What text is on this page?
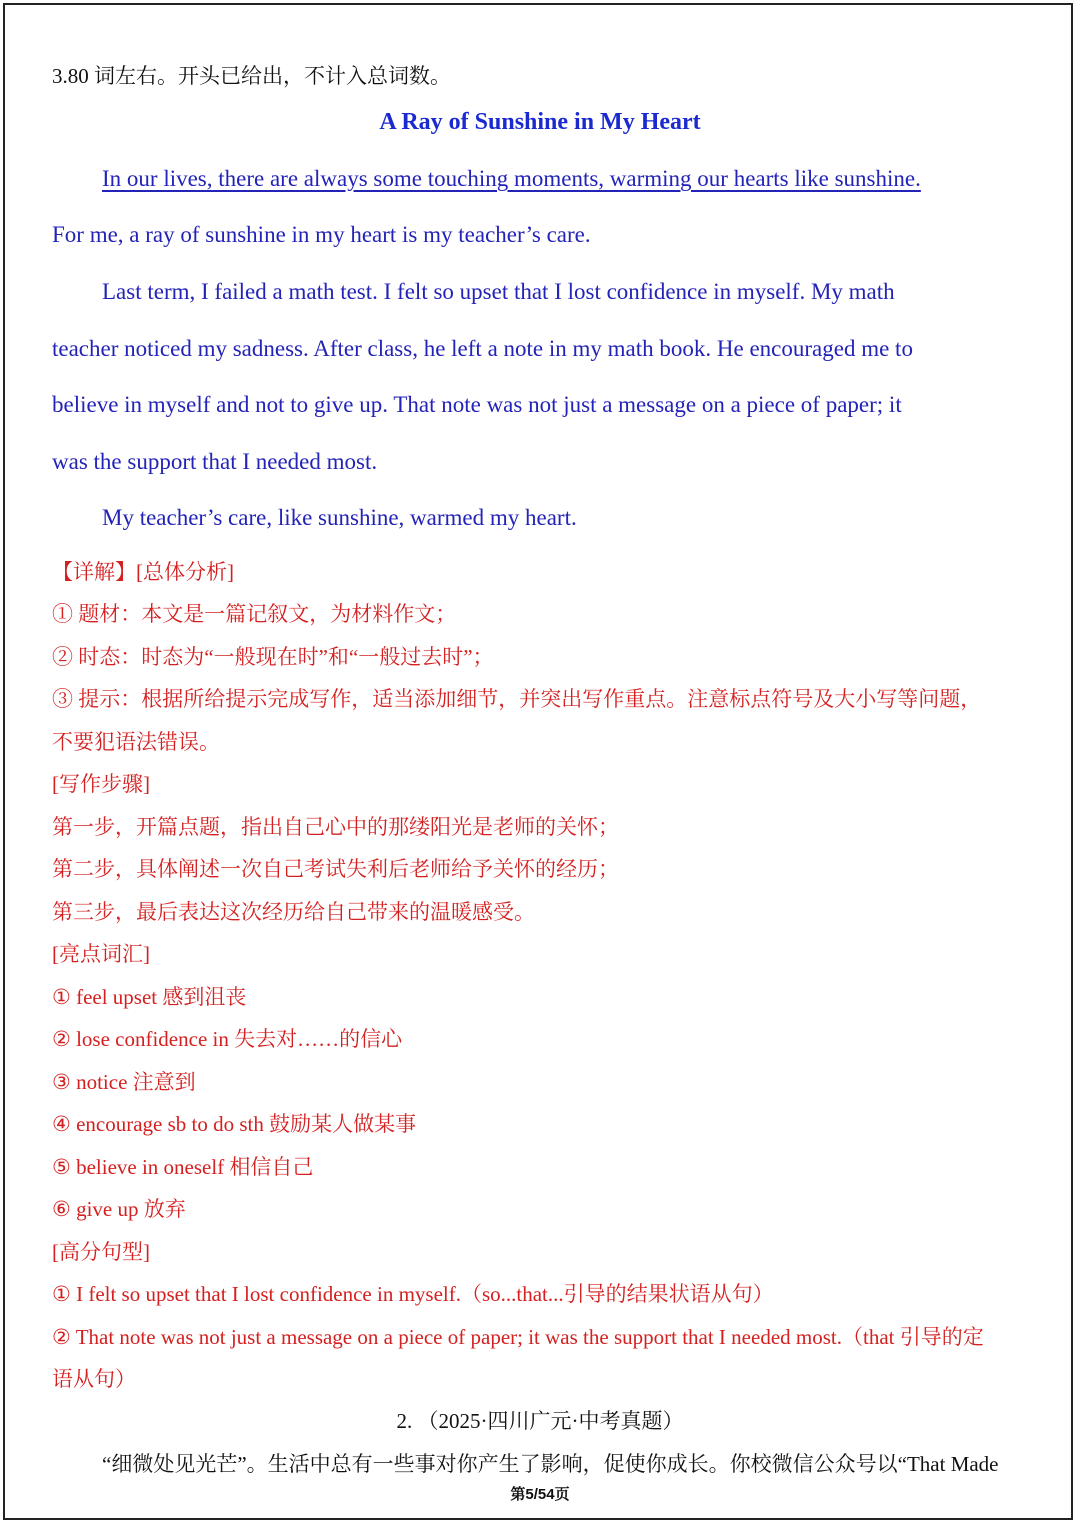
3.80 词左右。开头已给出，不计入总词数。
A Ray of Sunshine in My Heart
In our lives, there are always some touching moments, warming our hearts like sunshine.
For me, a ray of sunshine in my heart is my teacher’s care.
Last term, I failed a math test. I felt so upset that I lost confidence in myself. My math
teacher noticed my sadness. After class, he left a note in my math book. He encouraged me to
believe in myself and not to give up. That note was not just a message on a piece of paper; it
was the support that I needed most.
My teacher’s care, like sunshine, warmed my heart.
【详解】[总体分析]
① 题材：本文是一篇记叙文，为材料作文；
② 时态：时态为“一般现在时”和“一般过去时”；
③ 提示：根据所给提示完成写作，适当添加细节，并突出写作重点。注意标点符号及大小写等问题，
不要犯语法错误。
[写作步骤]
第一步，开篇点题，指出自己心中的那缕阳光是老师的关怀；
第二步，具体阐述一次自己考试失利后老师给予关怀的经历；
第三步，最后表达这次经历给自己带来的温暖感受。
[亮点词汇]
① feel upset 感到沮丧
② lose confidence in 失去对……的信心
③ notice 注意到
④ encourage sb to do sth 鼓励某人做某事
⑤ believe in oneself 相信自己
⑥ give up 放弃
[高分句型]
① I felt so upset that I lost confidence in myself.（so...that...引导的结果状语从句）
② That note was not just a message on a piece of paper; it was the support that I needed most.（that 引导的定
语从句）
2. （2025·四川广元·中考真题）
“细微处见光芒”。生活中总有一些事对你产生了影响，促使你成长。你校微信公众号以“That Made
第5/54页
